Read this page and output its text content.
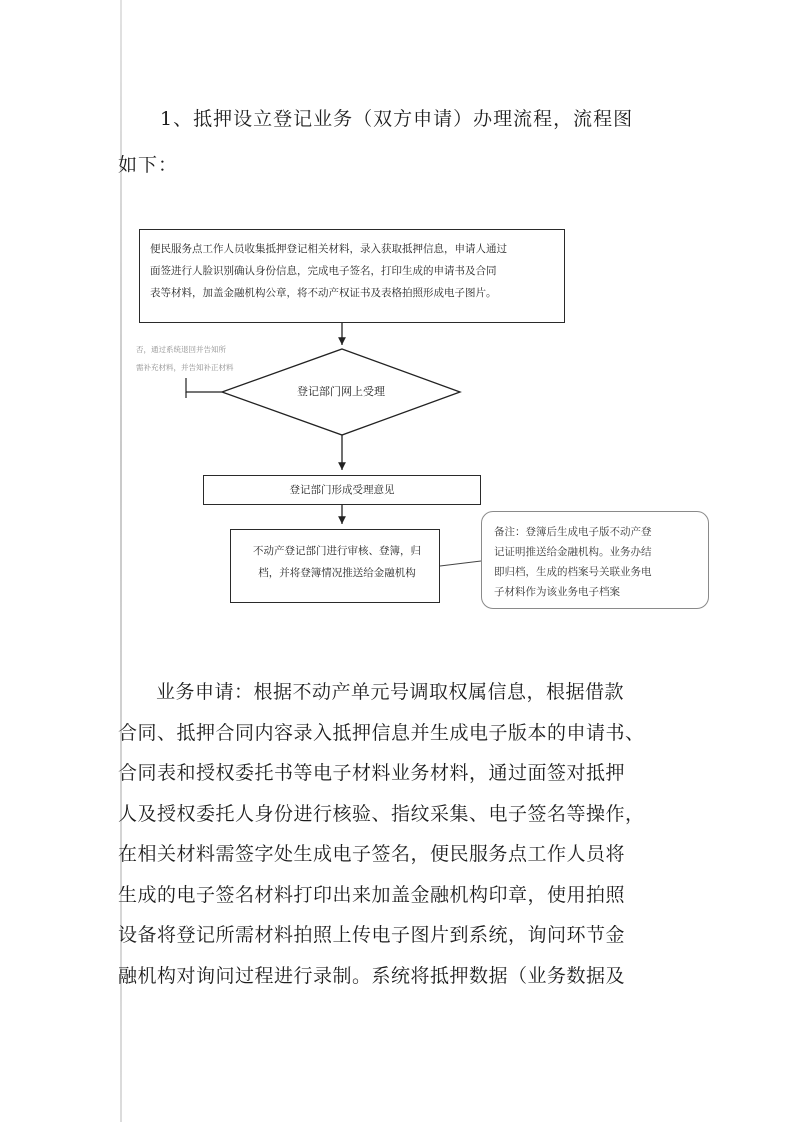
1、抵押设立登记业务（双方申请）办理流程，流程图
如下：
便民服务点工作人员收集抵押登记相关材料，录入获取抵押信息，申请人通过
面签进行人脸识别确认身份信息，完成电子签名，打印生成的申请书及合同
表等材料，加盖金融机构公章，将不动产权证书及表格拍照形成电子图片。
否，通过系统退回并告知所
需补充材料，并告知补正材料
登记部门网上受理
登记部门形成受理意见
不动产登记部门进行审核、登簿，归
档，并将登簿情况推送给金融机构
备注：登簿后生成电子版不动产登
记证明推送给金融机构。业务办结
即归档，生成的档案号关联业务电
子材料作为该业务电子档案
业务申请：根据不动产单元号调取权属信息，根据借款
合同、抵押合同内容录入抵押信息并生成电子版本的申请书、
合同表和授权委托书等电子材料业务材料，通过面签对抵押
人及授权委托人身份进行核验、指纹采集、电子签名等操作，
在相关材料需签字处生成电子签名，便民服务点工作人员将
生成的电子签名材料打印出来加盖金融机构印章，使用拍照
设备将登记所需材料拍照上传电子图片到系统，询问环节金
融机构对询问过程进行录制。系统将抵押数据（业务数据及
